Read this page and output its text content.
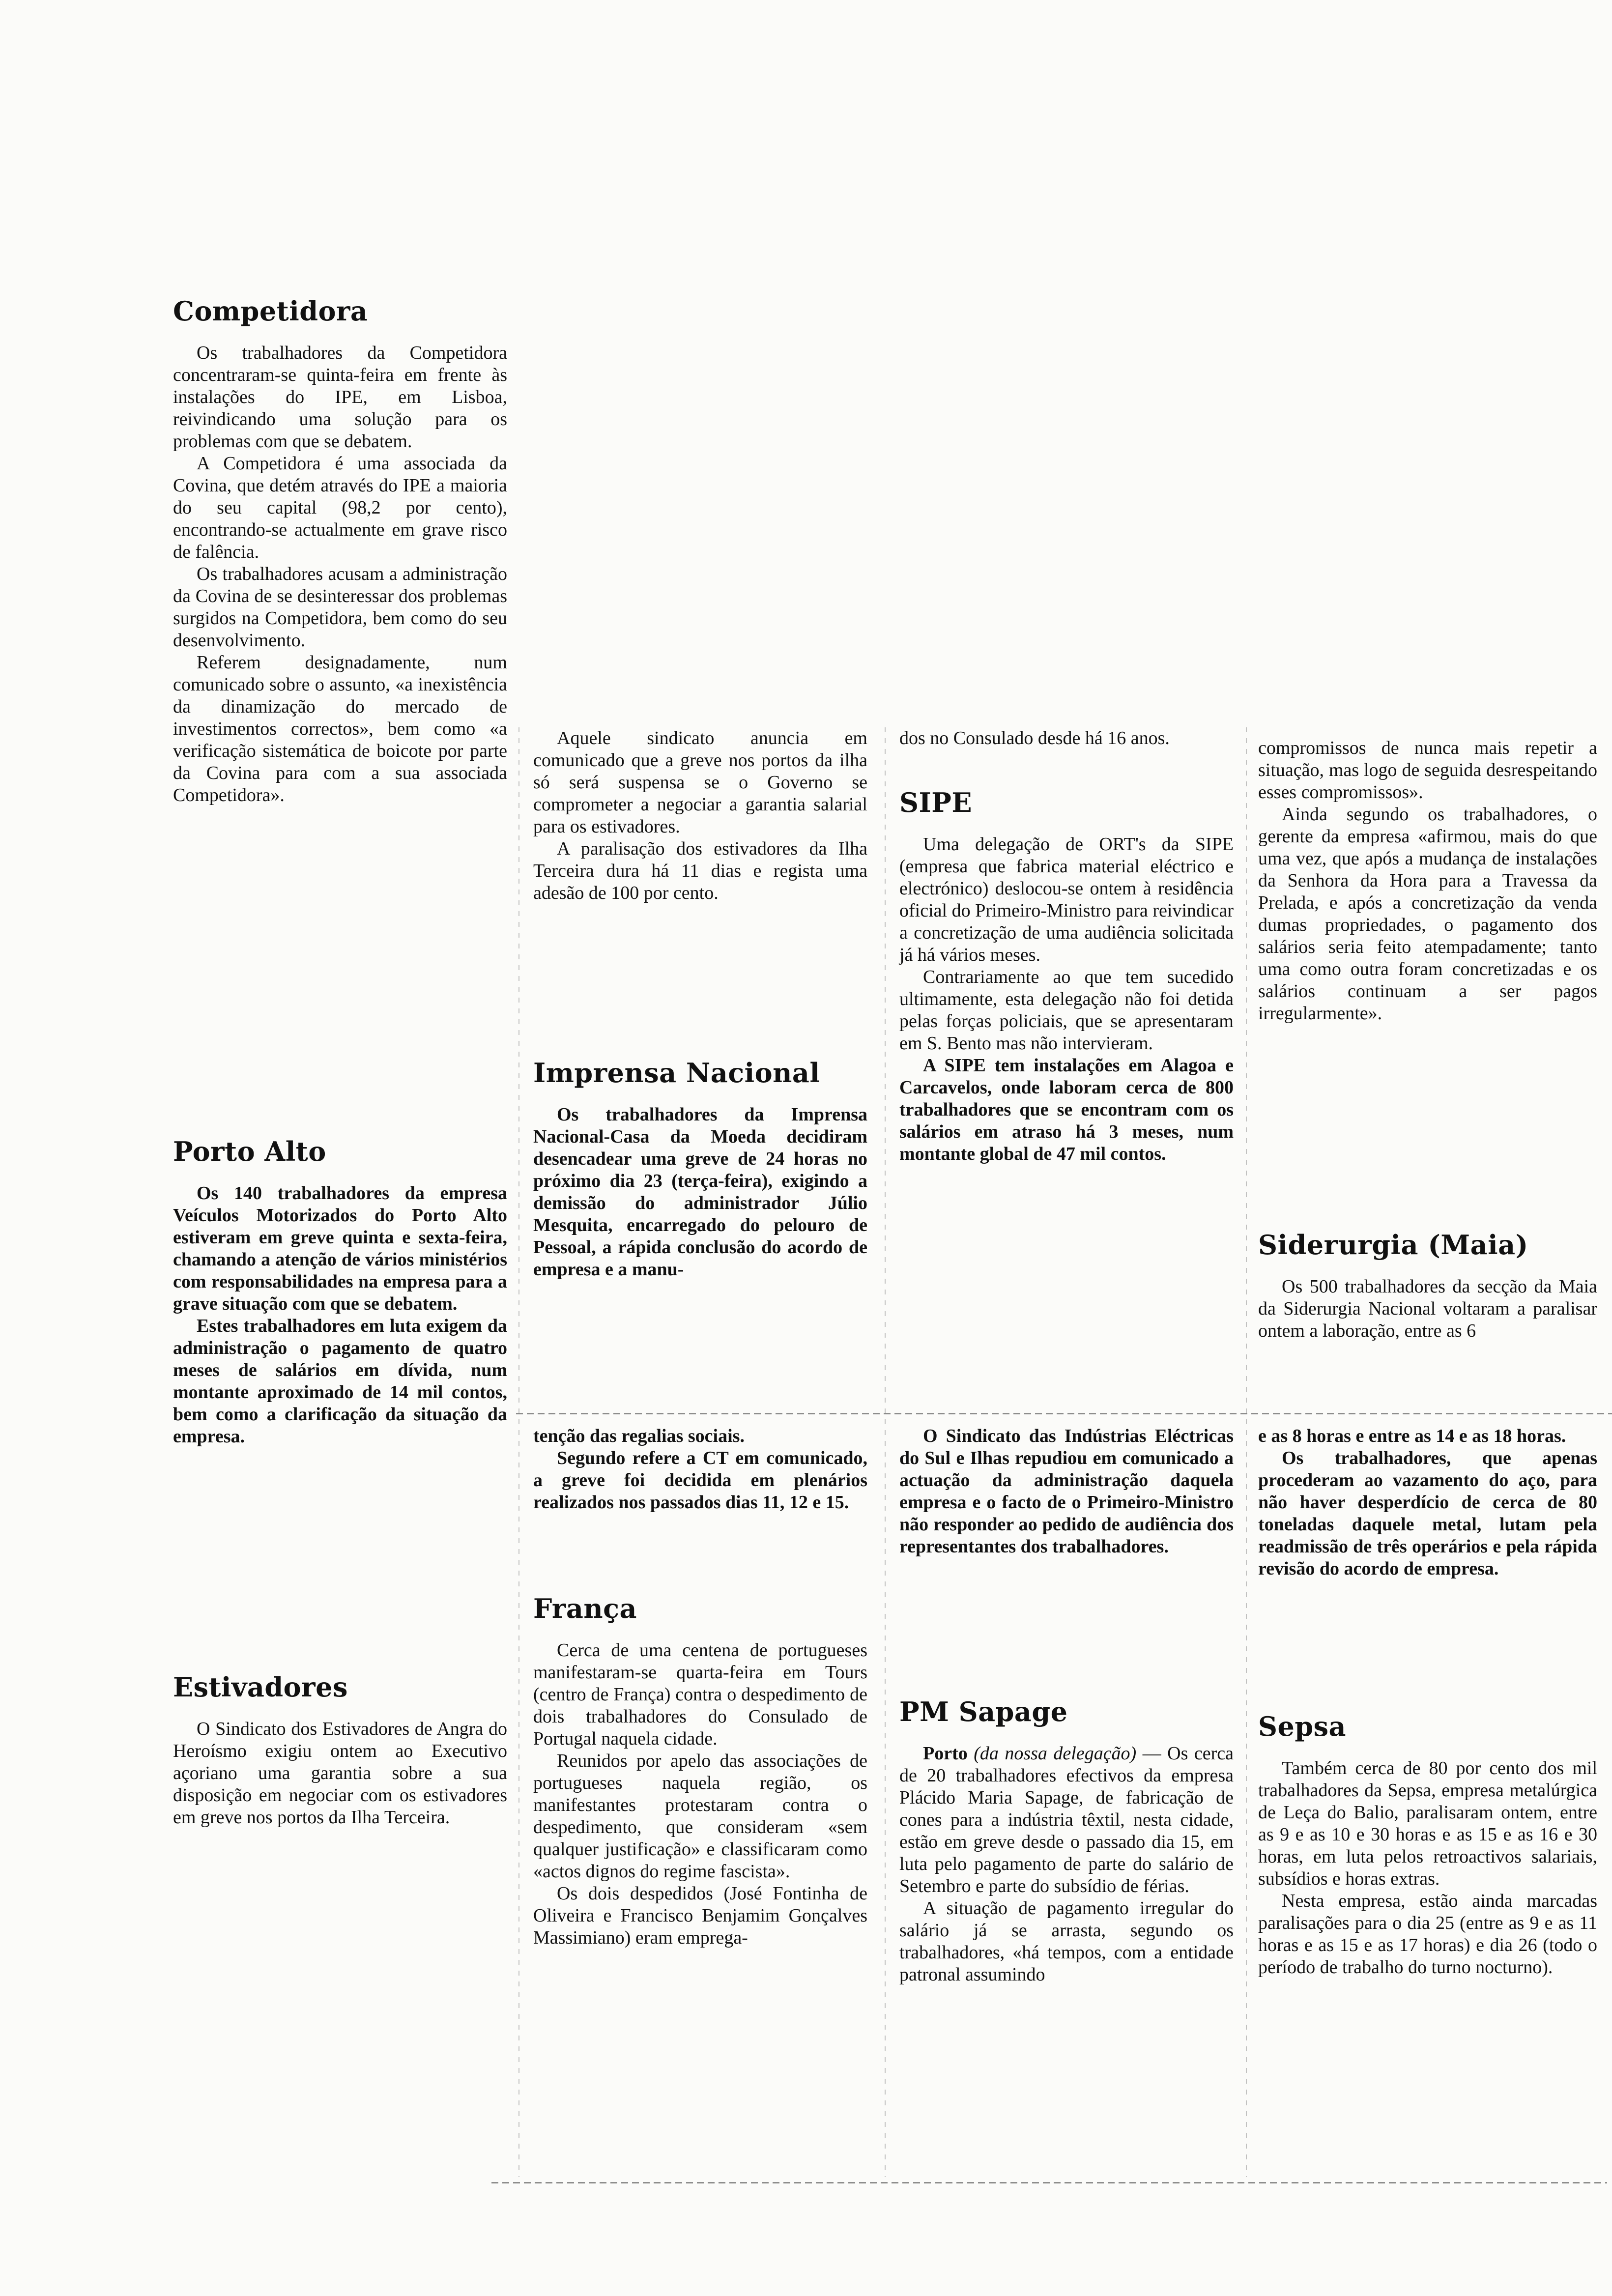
Competidora

Os trabalhadores da Competidora concentraram-se quinta-feira em frente às instalações do IPE, em Lisboa, reivindicando uma solução para os problemas com que se debatem.

A Competidora é uma associada da Covina, que detém através do IPE a maioria do seu capital (98,2 por cento), encontrando-se actualmente em grave risco de falência.

Os trabalhadores acusam a administração da Covina de se desinteressar dos problemas surgidos na Competidora, bem como do seu desenvolvimento.

Referem designadamente, num comunicado sobre o assunto, «a inexistência da dinamização do mercado de investimentos correctos», bem como «a verificação sistemática de boicote por parte da Covina para com a sua associada Competidora».

Porto Alto

Os 140 trabalhadores da empresa Veículos Motorizados do Porto Alto estiveram em greve quinta e sexta-feira, chamando a atenção de vários ministérios com responsabilidades na empresa para a grave situação com que se debatem.

Estes trabalhadores em luta exigem da administração o pagamento de quatro meses de salários em dívida, num montante aproximado de 14 mil contos, bem como a clarificação da situação da empresa.

Estivadores

O Sindicato dos Estivadores de Angra do Heroísmo exigiu ontem ao Executivo açoriano uma garantia sobre a sua disposição em negociar com os estivadores em greve nos portos da Ilha Terceira.

Aquele sindicato anuncia em comunicado que a greve nos portos da ilha só será suspensa se o Governo se comprometer a negociar a garantia salarial para os estivadores.

A paralisação dos estivadores da Ilha Terceira dura há 11 dias e regista uma adesão de 100 por cento.

Imprensa Nacional

Os trabalhadores da Imprensa Nacional-Casa da Moeda decidiram desencadear uma greve de 24 horas no próximo dia 23 (terça-feira), exigindo a demissão do administrador Júlio Mesquita, encarregado do pelouro de Pessoal, a rápida conclusão do acordo de empresa e a manu-

tenção das regalias sociais.

Segundo refere a CT em comunicado, a greve foi decidida em plenários realizados nos passados dias 11, 12 e 15.

França

Cerca de uma centena de portugueses manifestaram-se quarta-feira em Tours (centro de França) contra o despedimento de dois trabalhadores do Consulado de Portugal naquela cidade.

Reunidos por apelo das associações de portugueses naquela região, os manifestantes protestaram contra o despedimento, que consideram «sem qualquer justificação» e classificaram como «actos dignos do regime fascista».

Os dois despedidos (José Fontinha de Oliveira e Francisco Benjamim Gonçalves Massimiano) eram emprega-

dos no Consulado desde há 16 anos.

SIPE

Uma delegação de ORT's da SIPE (empresa que fabrica material eléctrico e electrónico) deslocou-se ontem à residência oficial do Primeiro-Ministro para reivindicar a concretização de uma audiência solicitada já há vários meses.

Contrariamente ao que tem sucedido ultimamente, esta delegação não foi detida pelas forças policiais, que se apresentaram em S. Bento mas não intervieram.

A SIPE tem instalações em Alagoa e Carcavelos, onde laboram cerca de 800 trabalhadores que se encontram com os salários em atraso há 3 meses, num montante global de 47 mil contos.

O Sindicato das Indústrias Eléctricas do Sul e Ilhas repudiou em comunicado a actuação da administração daquela empresa e o facto de o Primeiro-Ministro não responder ao pedido de audiência dos representantes dos trabalhadores.

PM Sapage

Porto (da nossa delegação) — Os cerca de 20 trabalhadores efectivos da empresa Plácido Maria Sapage, de fabricação de cones para a indústria têxtil, nesta cidade, estão em greve desde o passado dia 15, em luta pelo pagamento de parte do salário de Setembro e parte do subsídio de férias.

A situação de pagamento irregular do salário já se arrasta, segundo os trabalhadores, «há tempos, com a entidade patronal assumindo

compromissos de nunca mais repetir a situação, mas logo de seguida desrespeitando esses compromissos».

Ainda segundo os trabalhadores, o gerente da empresa «afirmou, mais do que uma vez, que após a mudança de instalações da Senhora da Hora para a Travessa da Prelada, e após a concretização da venda dumas propriedades, o pagamento dos salários seria feito atempadamente; tanto uma como outra foram concretizadas e os salários continuam a ser pagos irregularmente».

Siderurgia (Maia)

Os 500 trabalhadores da secção da Maia da Siderurgia Nacional voltaram a paralisar ontem a laboração, entre as 6

e as 8 horas e entre as 14 e as 18 horas.

Os trabalhadores, que apenas procederam ao vazamento do aço, para não haver desperdício de cerca de 80 toneladas daquele metal, lutam pela readmissão de três operários e pela rápida revisão do acordo de empresa.

Sepsa

Também cerca de 80 por cento dos mil trabalhadores da Sepsa, empresa metalúrgica de Leça do Balio, paralisaram ontem, entre as 9 e as 10 e 30 horas e as 15 e as 16 e 30 horas, em luta pelos retroactivos salariais, subsídios e horas extras.

Nesta empresa, estão ainda marcadas paralisações para o dia 25 (entre as 9 e as 11 horas e as 15 e as 17 horas) e dia 26 (todo o período de trabalho do turno nocturno).
